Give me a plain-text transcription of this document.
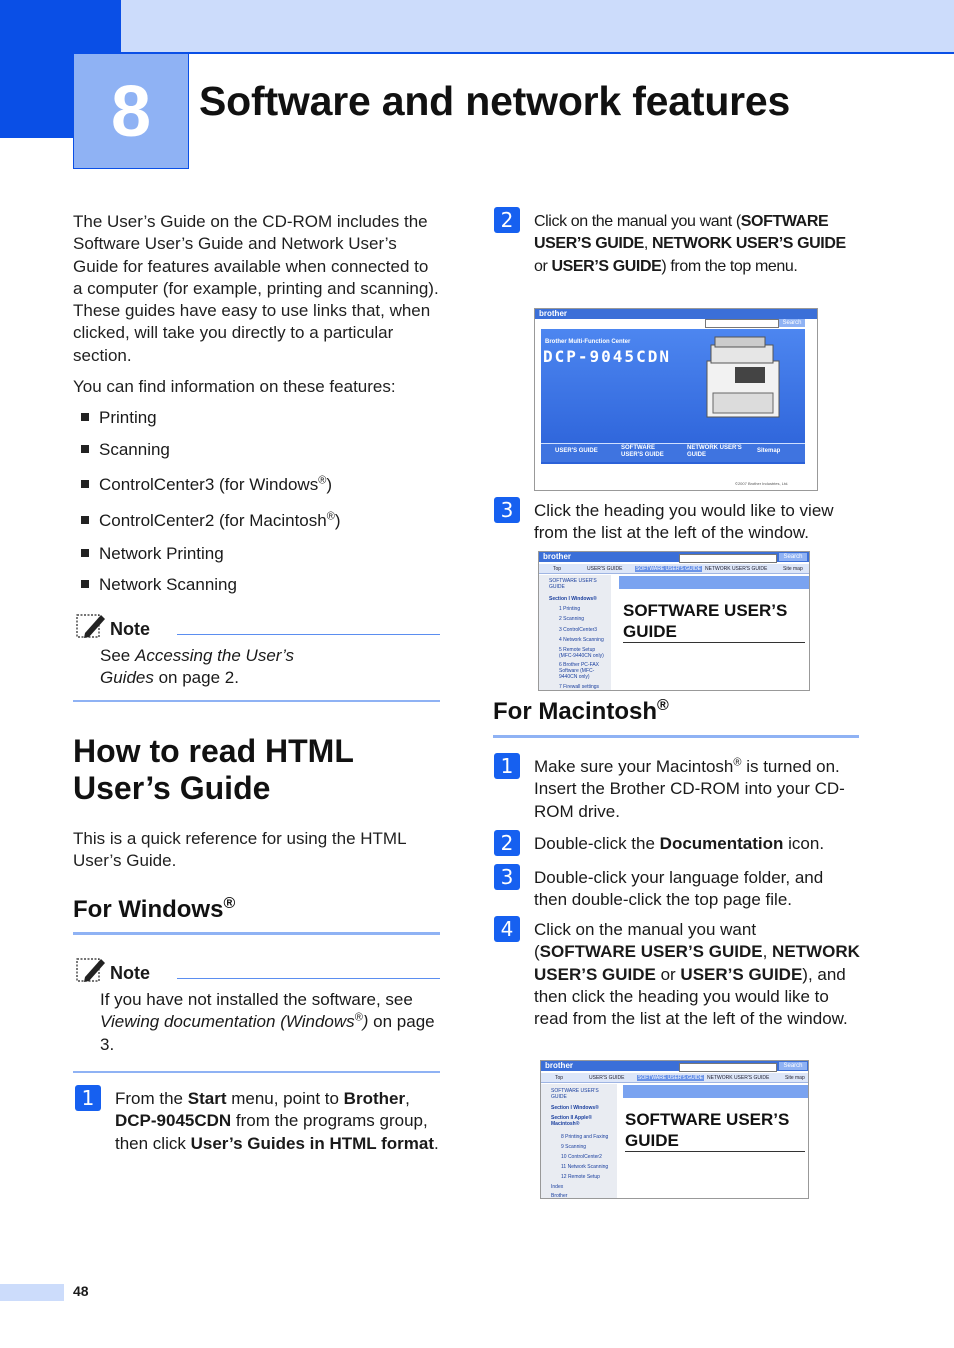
8	Software and network features
The User’s Guide on the CD-ROM includes the Software User’s Guide and Network User’s Guide for features available when connected to a computer (for example, printing and scanning). These guides have easy to use links that, when clicked, will take you directly to a particular section.
You can find information on these features:
Printing
Scanning
ControlCenter3 (for Windows®)
ControlCenter2 (for Macintosh®)
Network Printing
Network Scanning
Note
See Accessing the User’s Guides on page 2.
How to read HTML User’s Guide
This is a quick reference for using the HTML User’s Guide.
For Windows®
Note
If you have not installed the software, see Viewing documentation (Windows®) on page 3.
1	From the Start menu, point to Brother, DCP-9045CDN from the programs group, then click User’s Guides in HTML format.
2	Click on the manual you want (SOFTWARE USER’S GUIDE, NETWORK USER’S GUIDE or USER’S GUIDE) from the top menu.
brother
Search
Brother Multi-Function Center
DCP-9045CDN
USER'S GUIDE	SOFTWARE USER'S GUIDE
NETWORK USER'S GUIDE
Sitemap
©2007 Brother Industries, Ltd.
3	Click the heading you would like to view from the list at the left of the window.
brother	Search
Top	USER'S GUIDE	SOFTWARE USER'S GUIDE NETWORK USER'S GUIDE	Site map
SOFTWARE USER'S GUIDE
Section I Windows®
1 Printing
2 Scanning
3 ControlCenter3
4 Network Scanning
5 Remote Setup (MFC-9440CN only)
6 Brother PC-FAX Software (MFC-9440CN only)
7 Firewall settings
SOFTWARE USER’S GUIDE
For Macintosh®
1	Make sure your Macintosh® is turned on. Insert the Brother CD-ROM into your CD-ROM drive.
2	Double-click the Documentation icon.
3	Double-click your language folder, and then double-click the top page file.
4	Click on the manual you want (SOFTWARE USER’S GUIDE, NETWORK USER’S GUIDE or USER’S GUIDE), and then click the heading you would like to read from the list at the left of the window.
brother	Search
Top	USER'S GUIDE	SOFTWARE USER'S GUIDE NETWORK USER'S GUIDE	Site map
SOFTWARE USER'S GUIDE
Section I Windows®
Section II Apple® Macintosh®
8 Printing and Faxing
9 Scanning
10 ControlCenter2
11 Network Scanning
12 Remote Setup
Index
Brother
SOFTWARE USER’S GUIDE
48
